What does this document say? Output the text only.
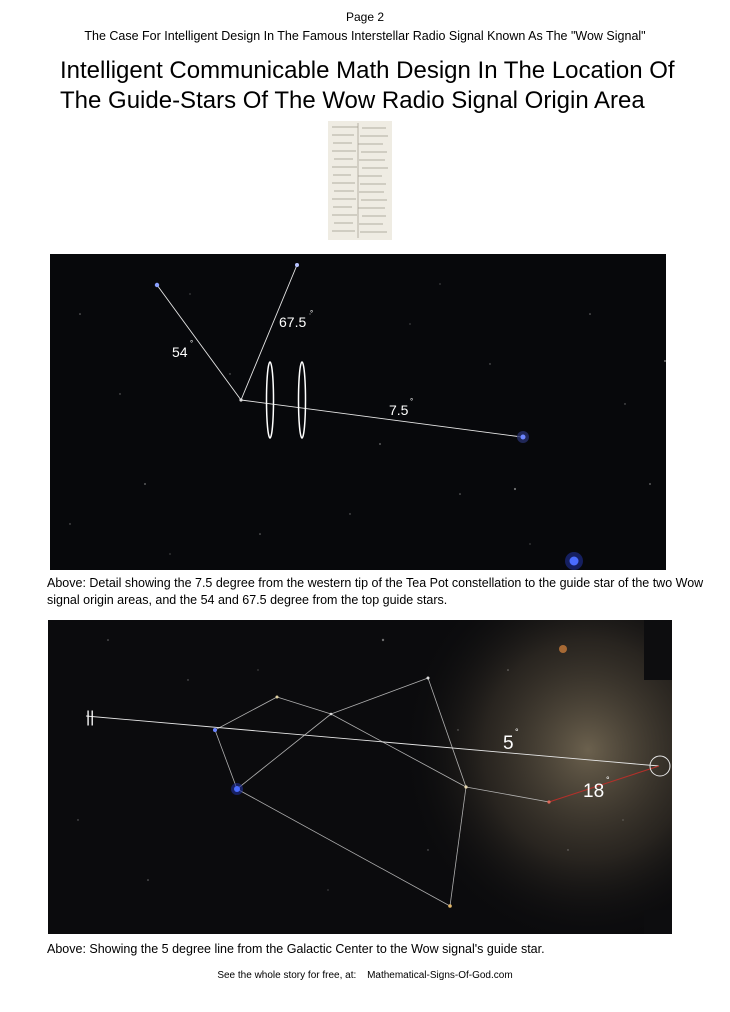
Page 2
The Case For Intelligent Design In The Famous Interstellar Radio Signal Known As The "Wow Signal"
Intelligent Communicable Math Design In The Location Of
The Guide-Stars Of The Wow Radio Signal Origin Area
54
°
67.5
°
7.5
°
Above: Detail showing the 7.5 degree from the western tip of the Tea Pot constellation to the guide star of the two Wow signal origin areas, and the 54 and 67.5 degree from the top guide stars.
||
5
°
18
°
Above: Showing the 5 degree line from the Galactic Center to the Wow signal's guide star.
See the whole story for free, at: Mathematical-Signs-Of-God.com
